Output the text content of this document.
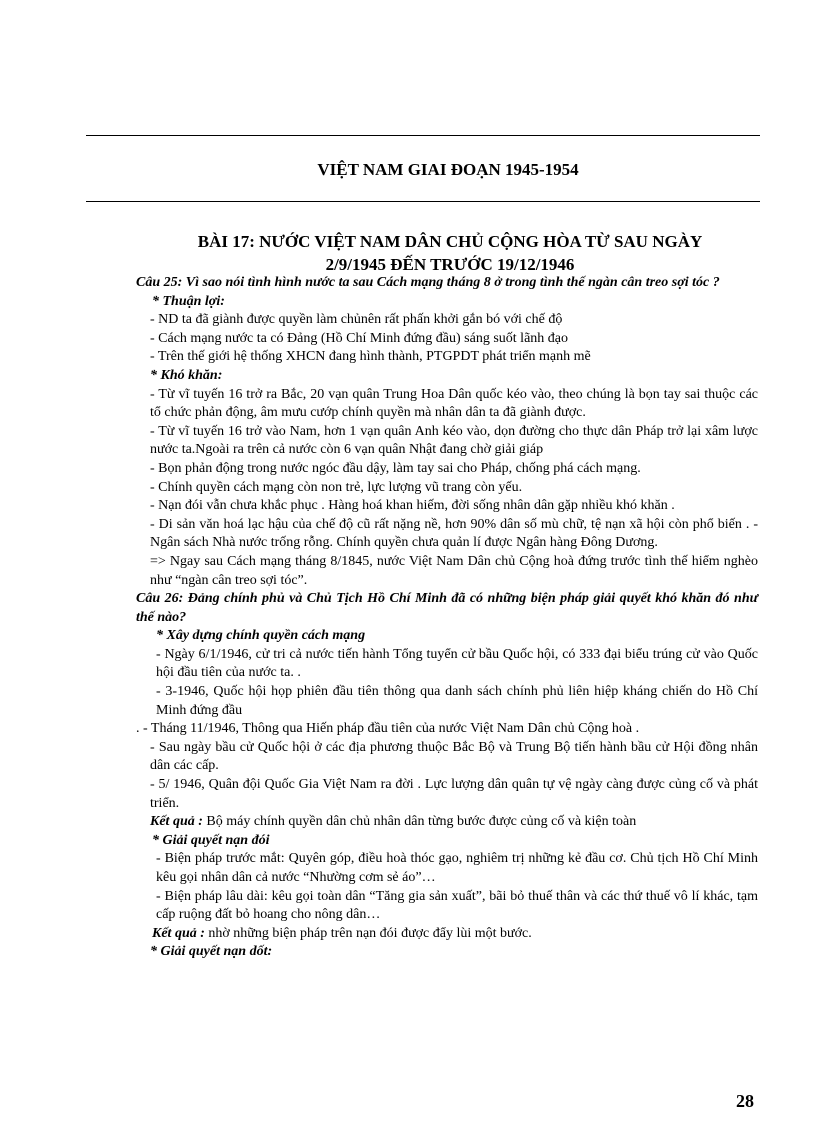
VIỆT NAM GIAI ĐOẠN 1945-1954
BÀI 17: NƯỚC VIỆT NAM DÂN CHỦ CỘNG HÒA TỪ SAU NGÀY
2/9/1945 ĐẾN TRƯỚC 19/12/1946

Câu 25: Vì sao nói tình hình nước ta sau Cách mạng tháng 8 ở trong tình thế ngàn cân treo sợi tóc ?

* Thuận lợi:

- ND ta đã giành được quyền làm chủnên rất phấn khởi gắn bó với chế độ

- Cách mạng nước ta có Đảng (Hồ Chí Minh đứng đầu) sáng suốt lãnh đạo

- Trên thế giới hệ thống XHCN đang hình thành, PTGPDT phát triển mạnh mẽ

* Khó khăn:

- Từ vĩ tuyến 16 trở ra Bắc, 20 vạn quân Trung Hoa Dân quốc kéo vào, theo chúng là bọn tay sai thuộc các tổ chức phản động, âm mưu cướp chính quyền mà nhân dân ta đã giành được.

- Từ vĩ tuyến 16 trở vào Nam, hơn 1 vạn quân Anh kéo vào, dọn đường cho thực dân Pháp trở lại xâm lược nước ta.Ngoài ra trên cả nước còn 6 vạn quân Nhật đang chờ giải giáp

- Bọn phản động trong nước ngóc đầu dậy, làm tay sai cho Pháp, chống phá cách mạng.

- Chính quyền cách mạng còn non trẻ, lực lượng vũ trang còn yếu.

- Nạn đói vẫn chưa khắc phục . Hàng hoá khan hiếm, đời sống nhân dân gặp nhiều khó khăn .

- Di sản văn hoá lạc hậu của chế độ cũ rất nặng nề, hơn 90% dân số mù chữ, tệ nạn xã hội còn phổ biến . - Ngân sách Nhà nước trống rỗng. Chính quyền chưa quản lí được Ngân hàng Đông Dương.

=> Ngay sau Cách mạng tháng 8/1845, nước Việt Nam Dân chủ Cộng hoà đứng trước tình thế hiểm nghèo như “ngàn cân treo sợi tóc”.

Câu 26: Đảng chính phủ và Chủ Tịch Hồ Chí Minh đã có những biện pháp giải quyết khó khăn đó như thế nào?

* Xây dựng chính quyền cách mạng

- Ngày 6/1/1946, cử tri cả nước tiến hành Tổng tuyển cử bầu Quốc hội, có 333 đại biểu trúng cử vào Quốc hội đầu tiên của nước ta. .

- 3-1946, Quốc hội họp phiên đầu tiên thông qua danh sách chính phủ liên hiệp kháng chiến do Hồ Chí Minh đứng đầu

. - Tháng 11/1946, Thông qua Hiến pháp đầu tiên của nước Việt Nam Dân chủ Cộng hoà .

- Sau ngày bầu cử Quốc hội ở các địa phương thuộc Bắc Bộ và Trung Bộ tiến hành bầu cử Hội đồng nhân dân các cấp.

- 5/ 1946, Quân đội Quốc Gia Việt Nam ra đời . Lực lượng dân quân tự vệ ngày càng được củng cố và phát triển.

Kết quả : Bộ máy chính quyền dân chủ nhân dân từng bước được củng cố và kiện toàn

* Giải quyết nạn đói

- Biện pháp trước mắt: Quyên góp, điều hoà thóc gạo, nghiêm trị những kẻ đầu cơ. Chủ tịch Hồ Chí Minh kêu gọi nhân dân cả nước “Nhường cơm sẻ áo”…

- Biện pháp lâu dài: kêu gọi toàn dân “Tăng gia sản xuất”, bãi bỏ thuế thân và các thứ thuế vô lí khác, tạm cấp ruộng đất bỏ hoang cho nông dân…

Kết quả : nhờ những biện pháp trên nạn đói được đẩy lùi một bước.

* Giải quyết nạn dốt:

28
